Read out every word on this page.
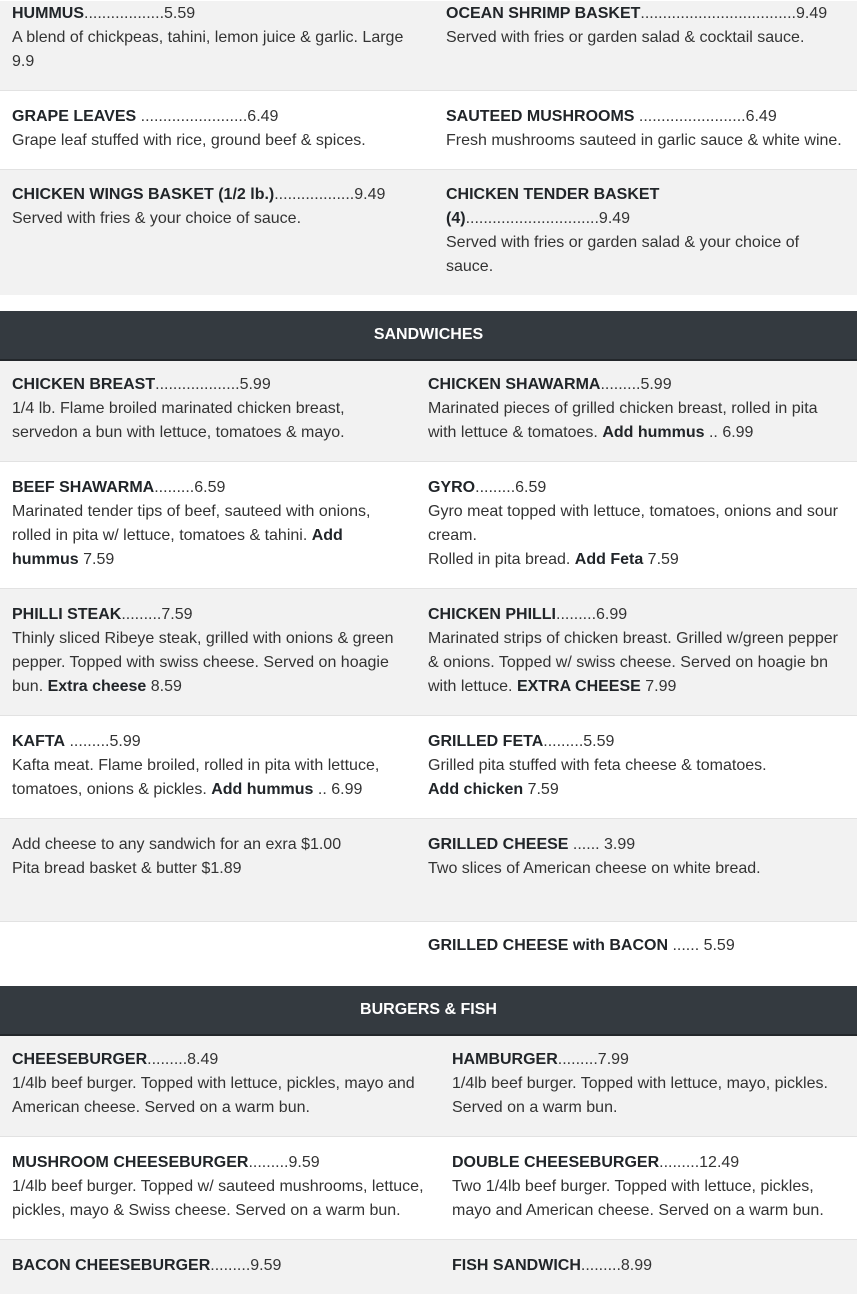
HUMMUS..................5.59
A blend of chickpeas, tahini, lemon juice & garlic. Large 9.9	OCEAN SHRIMP BASKET...................................9.49
Served with fries or garden salad & cocktail sauce.

GRAPE LEAVES ........................6.49
Grape leaf stuffed with rice, ground beef & spices.	SAUTEED MUSHROOMS ........................6.49
Fresh mushrooms sauteed in garlic sauce & white wine.

CHICKEN WINGS BASKET (1/2 lb.)..................9.49
Served with fries & your choice of sauce.	CHICKEN TENDER BASKET (4)..............................9.49
Served with fries or garden salad & your choice of sauce.
SANDWICHES
CHICKEN BREAST...................5.99
1/4 lb. Flame broiled marinated chicken breast, servedon a bun with lettuce, tomatoes & mayo.	CHICKEN SHAWARMA.........5.99
Marinated pieces of grilled chicken breast, rolled in pita with lettuce & tomatoes. Add hummus .. 6.99

BEEF SHAWARMA.........6.59
Marinated tender tips of beef, sauteed with onions, rolled in pita w/ lettuce, tomatoes & tahini. Add hummus 7.59	GYRO.........6.59
Gyro meat topped with lettuce, tomatoes, onions and sour cream.
Rolled in pita bread. Add Feta 7.59

PHILLI STEAK.........7.59
Thinly sliced Ribeye steak, grilled with onions & green pepper. Topped with swiss cheese. Served on hoagie bun. Extra cheese 8.59	CHICKEN PHILLI.........6.99
Marinated strips of chicken breast. Grilled w/green pepper & onions. Topped w/ swiss cheese. Served on hoagie bn with lettuce. EXTRA CHEESE 7.99

KAFTA .........5.99
Kafta meat. Flame broiled, rolled in pita with lettuce, tomatoes, onions & pickles. Add hummus .. 6.99	GRILLED FETA.........5.59
Grilled pita stuffed with feta cheese & tomatoes.
Add chicken 7.59

Add cheese to any sandwich for an exra $1.00
Pita bread basket & butter $1.89	GRILLED CHEESE ...... 3.99
Two slices of American cheese on white bread.

	GRILLED CHEESE with BACON ...... 5.59
BURGERS & FISH
CHEESEBURGER.........8.49
1/4lb beef burger. Topped with lettuce, pickles, mayo and American cheese. Served on a warm bun.	HAMBURGER.........7.99
1/4lb beef burger. Topped with lettuce, mayo, pickles. Served on a warm bun.

MUSHROOM CHEESEBURGER.........9.59
1/4lb beef burger. Topped w/ sauteed mushrooms, lettuce, pickles, mayo & Swiss cheese. Served on a warm bun.	DOUBLE CHEESEBURGER.........12.49
Two 1/4lb beef burger. Topped with lettuce, pickles, mayo and American cheese. Served on a warm bun.

BACON CHEESEBURGER.........9.59	FISH SANDWICH.........8.99
